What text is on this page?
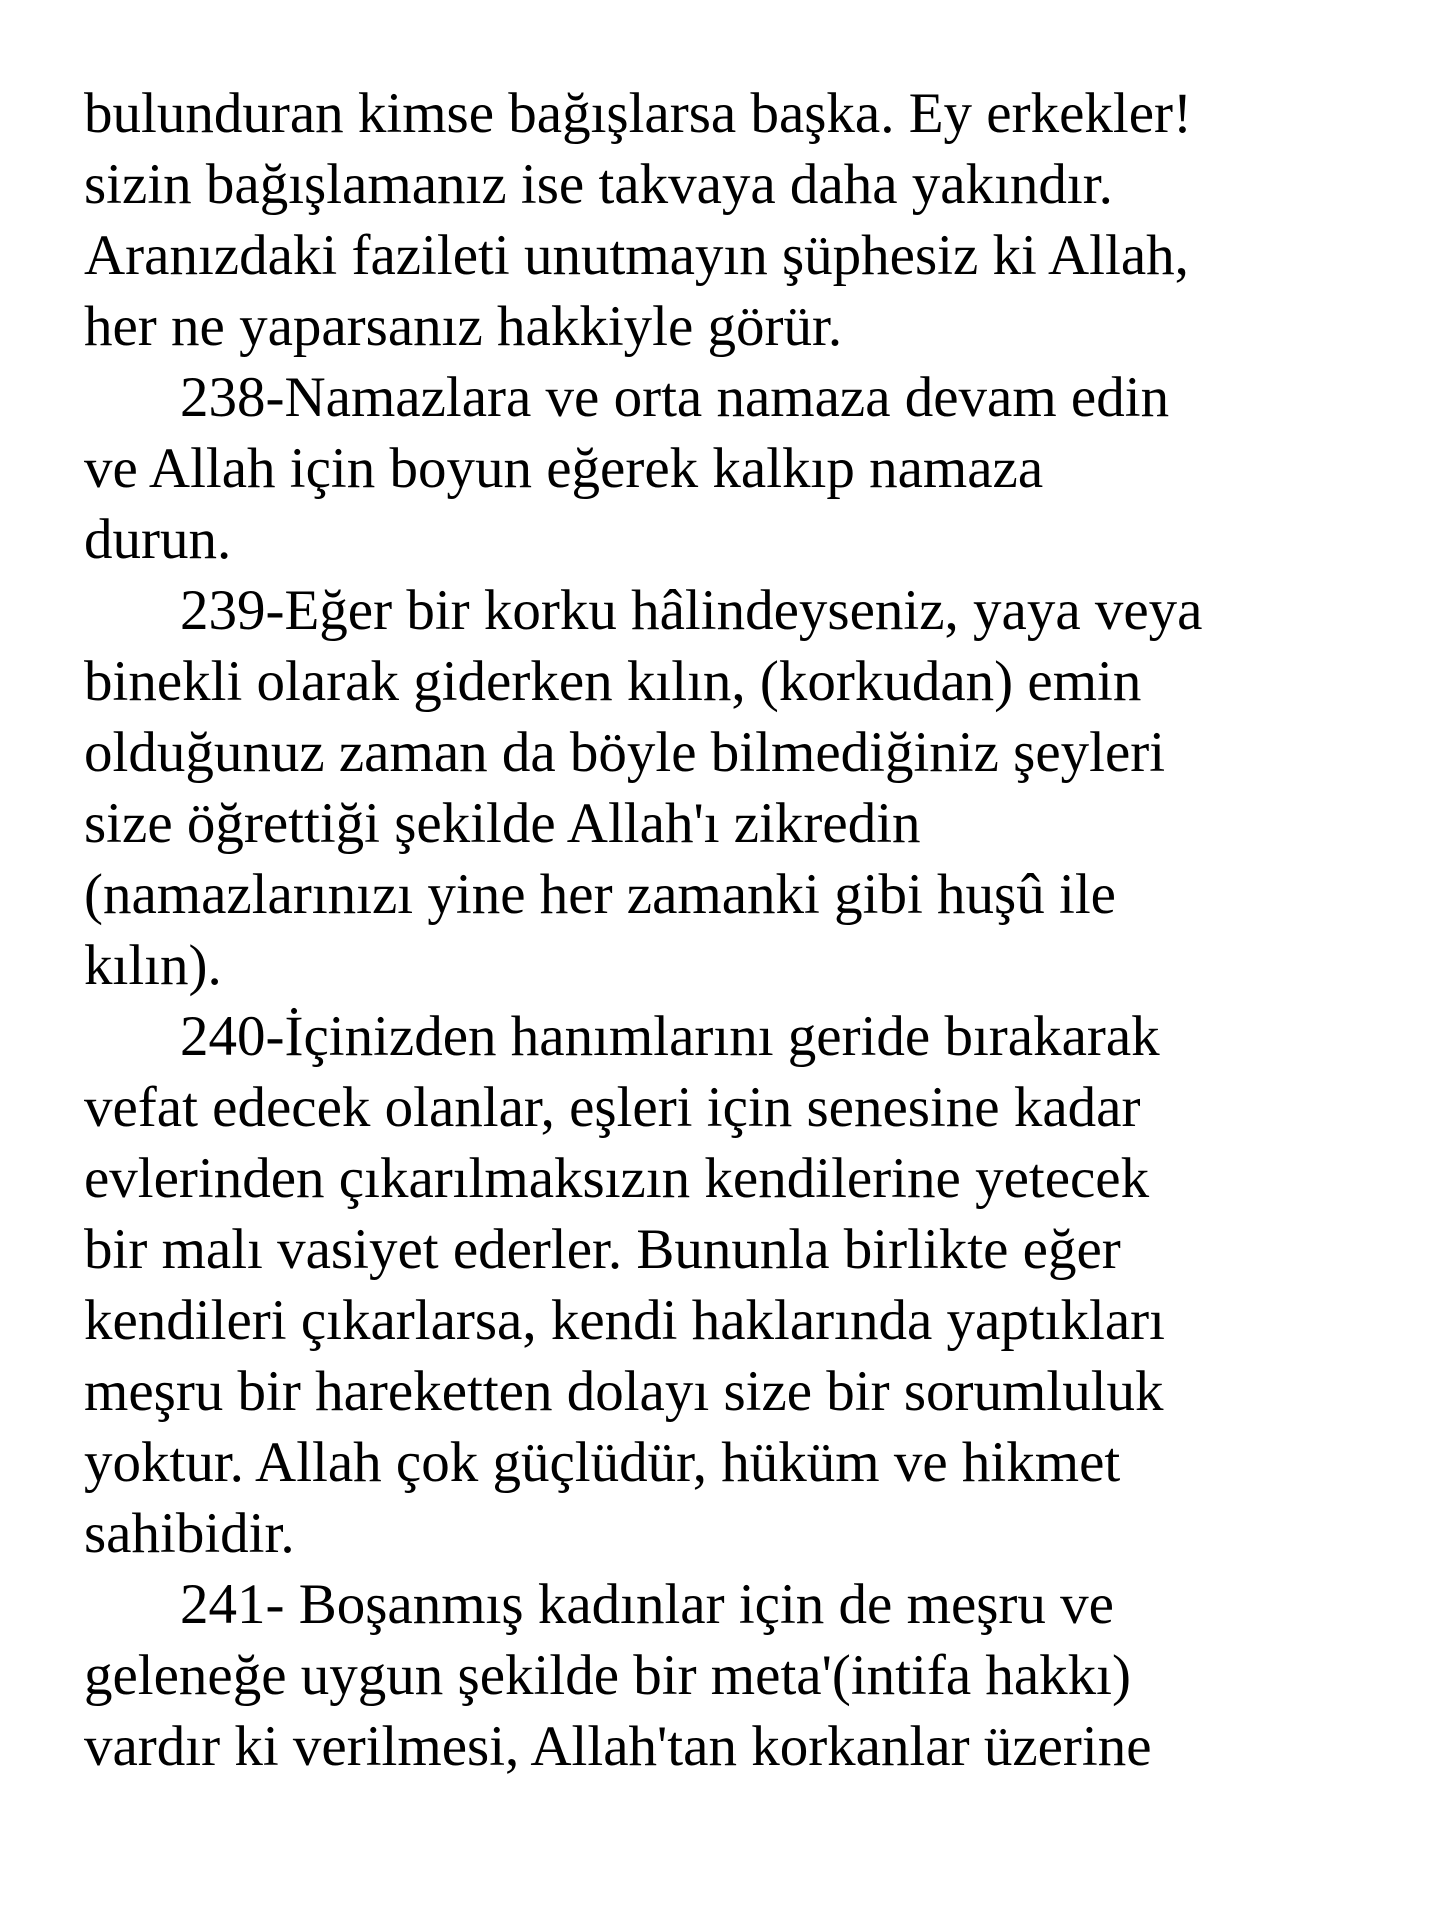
bulunduran kimse bağışlarsa başka. Ey erkekler!
sizin bağışlamanız ise takvaya daha yakındır.
Aranızdaki fazileti unutmayın şüphesiz ki Allah,
her ne yaparsanız hakkiyle görür.
238-Namazlara ve orta namaza devam edin
ve Allah için boyun eğerek kalkıp namaza
durun.
239-Eğer bir korku hâlindeyseniz, yaya veya
binekli olarak giderken kılın, (korkudan) emin
olduğunuz zaman da böyle bilmediğiniz şeyleri
size öğrettiği şekilde Allah'ı zikredin
(namazlarınızı yine her zamanki gibi huşû ile
kılın).
240-İçinizden hanımlarını geride bırakarak
vefat edecek olanlar, eşleri için senesine kadar
evlerinden çıkarılmaksızın kendilerine yetecek
bir malı vasiyet ederler. Bununla birlikte eğer
kendileri çıkarlarsa, kendi haklarında yaptıkları
meşru bir hareketten dolayı size bir sorumluluk
yoktur. Allah çok güçlüdür, hüküm ve hikmet
sahibidir.
241- Boşanmış kadınlar için de meşru ve
geleneğe uygun şekilde bir meta'(intifa hakkı)
vardır ki verilmesi, Allah'tan korkanlar üzerine
